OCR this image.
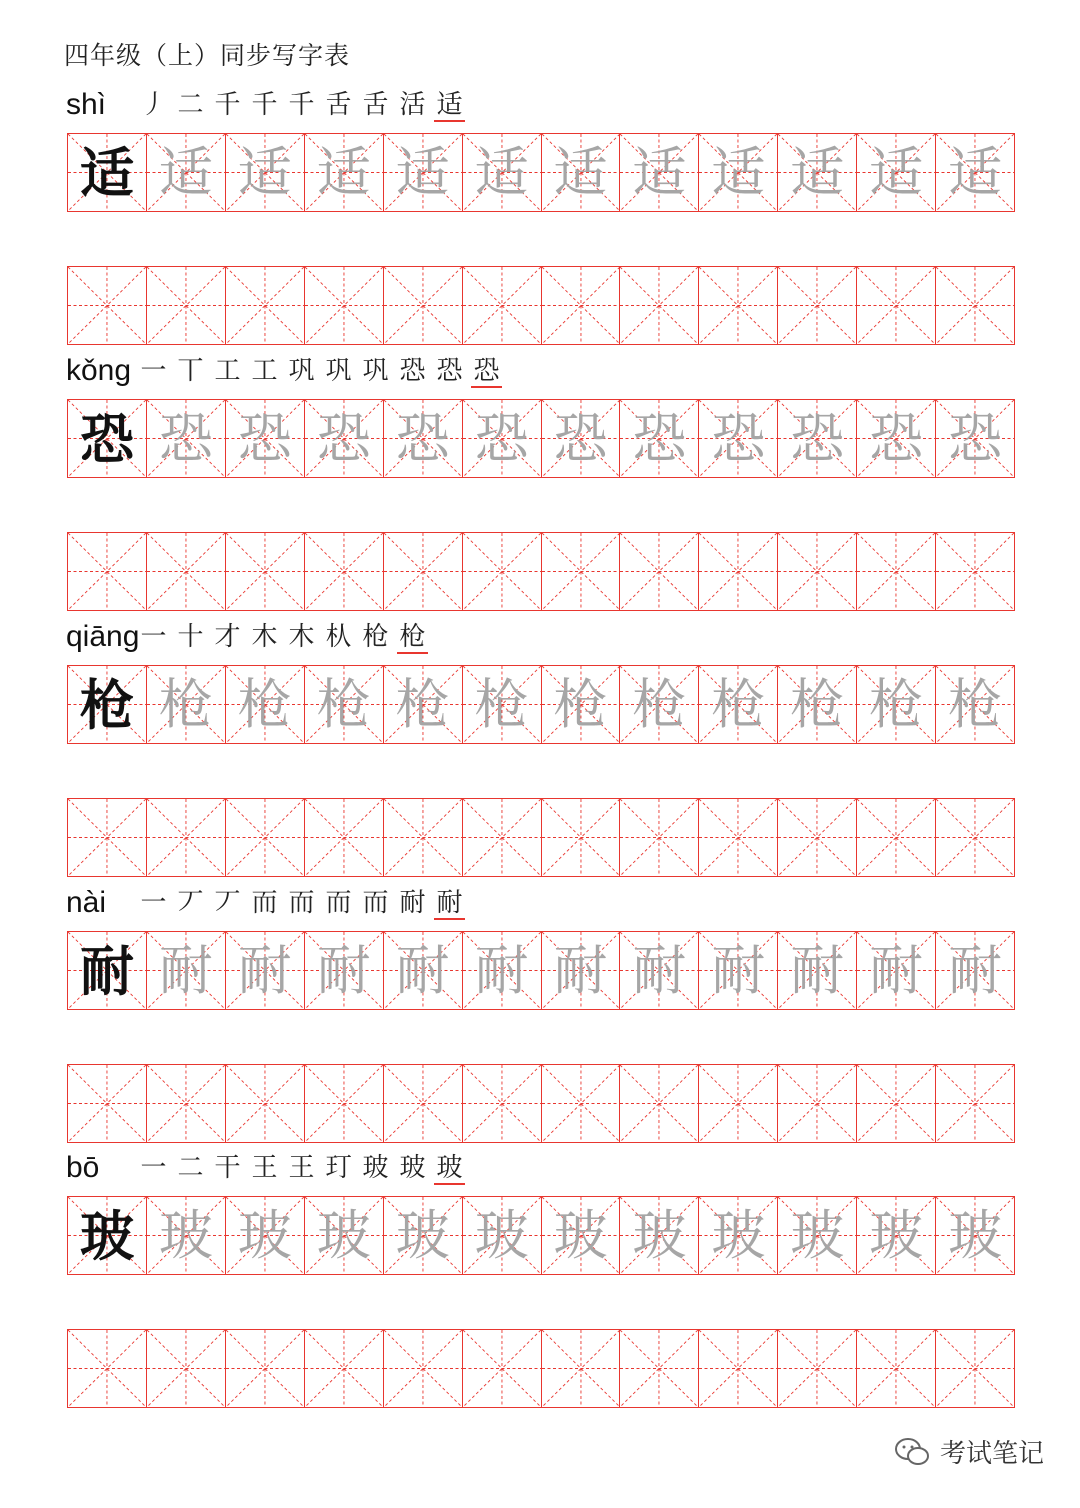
四年级（上）同步写字表
shì 丿 二 千 千 千 舌 舌 活 适
适 适 适 适 适 适 适 适 适 适 适 适
kǒng 一 丅 工 工 巩 巩 巩 恐 恐 恐
恐 恐 恐 恐 恐 恐 恐 恐 恐 恐 恐 恐
qiāng 一 十 才 木 木 朲 枪 枪
枪 枪 枪 枪 枪 枪 枪 枪 枪 枪 枪 枪
nài 一 丆 丆 而 而 而 而 耐 耐
耐 耐 耐 耐 耐 耐 耐 耐 耐 耐 耐 耐
bō 一 二 干 王 王 玎 玻 玻 玻
玻 玻 玻 玻 玻 玻 玻 玻 玻 玻 玻 玻
考试笔记
